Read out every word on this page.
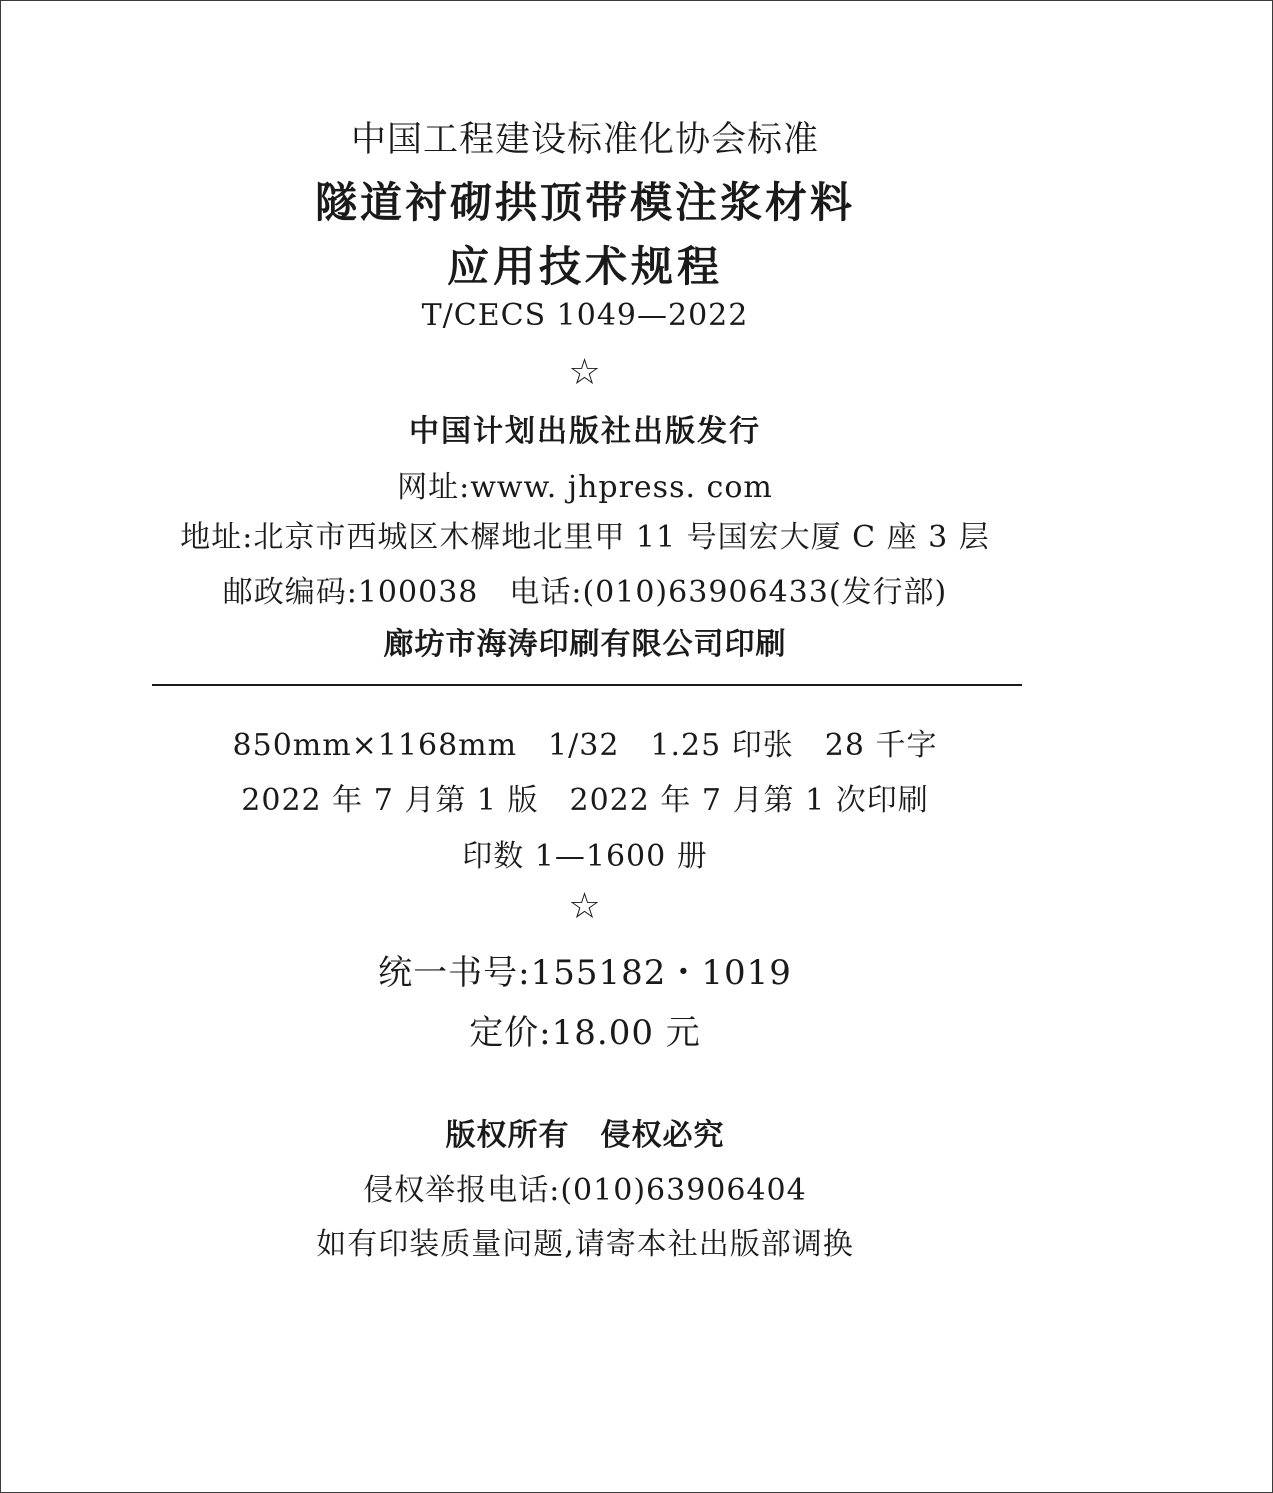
中国工程建设标准化协会标准
隧道衬砌拱顶带模注浆材料
应用技术规程
T/CECS 1049—2022
☆
中国计划出版社出版发行
网址:www. jhpress. com
地址:北京市西城区木樨地北里甲 11 号国宏大厦 C 座 3 层
邮政编码:100038　电话:(010)63906433(发行部)
廊坊市海涛印刷有限公司印刷
850mm×1168mm　1/32　1.25 印张　28 千字
2022 年 7 月第 1 版　2022 年 7 月第 1 次印刷
印数 1—1600 册
☆
统一书号:155182・1019
定价:18.00 元
版权所有　侵权必究
侵权举报电话:(010)63906404
如有印装质量问题,请寄本社出版部调换
